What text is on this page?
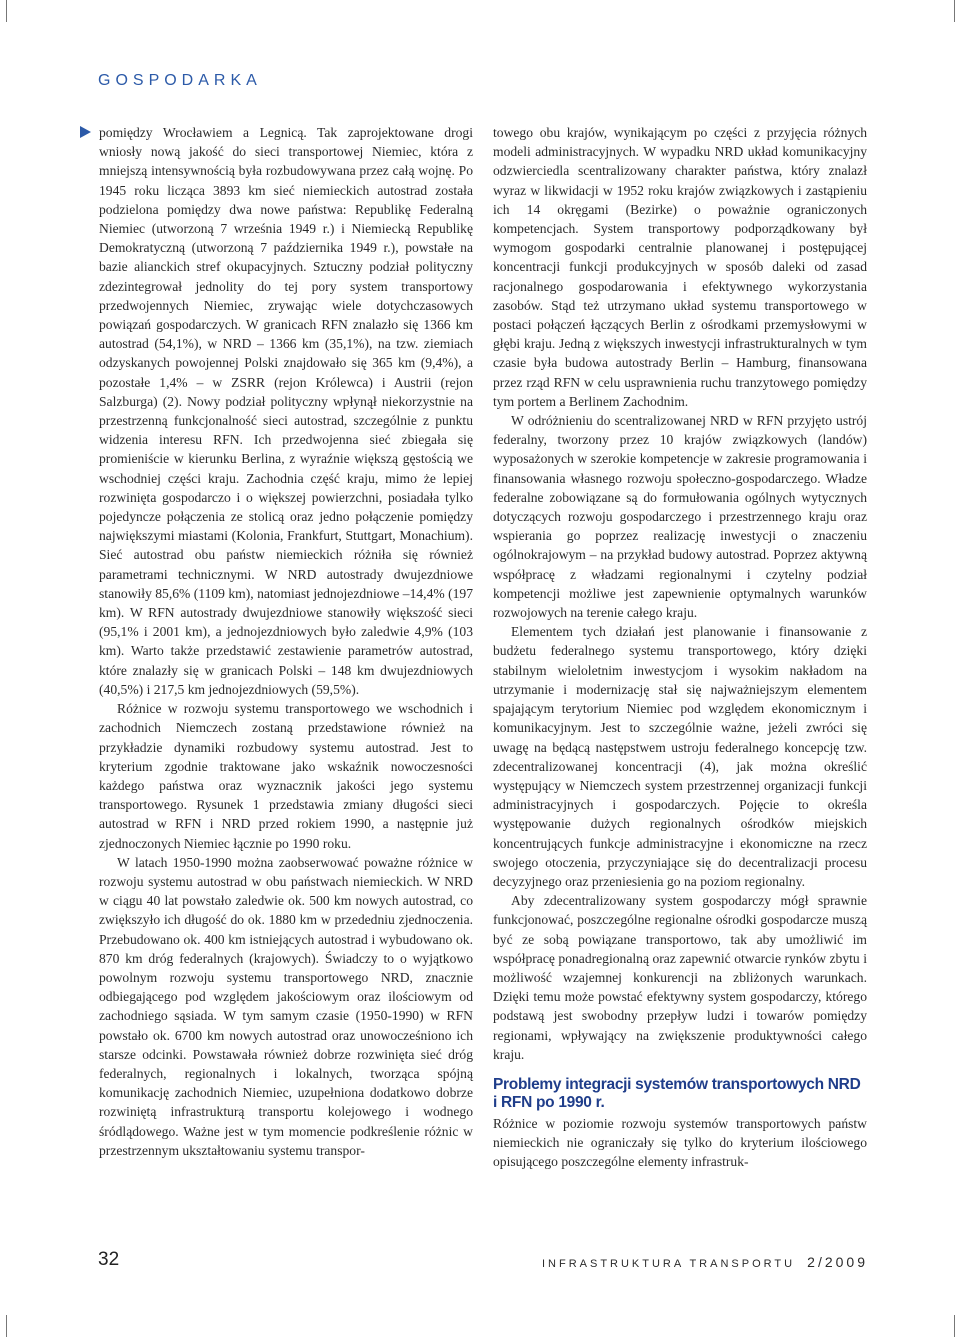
GOSPODARKA

pomiędzy Wrocławiem a Legnicą. Tak zaprojektowane drogi wniosły nową jakość do sieci transportowej Niemiec, która z mniejszą intensywnością była rozbudowywana przez całą wojnę. Po 1945 roku licząca 3893 km sieć niemieckich autostrad została podzielona pomiędzy dwa nowe państwa: Republikę Federalną Niemiec (utworzoną 7 września 1949 r.) i Niemiecką Republikę Demokratyczną (utworzoną 7 października 1949 r.), powstałe na bazie alianckich stref okupacyjnych. Sztuczny podział polityczny zdezintegrował jednolity do tej pory system transportowy przedwojennych Niemiec, zrywając wiele dotychczasowych powiązań gospodarczych. W granicach RFN znalazło się 1366 km autostrad (54,1%), w NRD – 1366 km (35,1%), na tzw. ziemiach odzyskanych powojennej Polski znajdowało się 365 km (9,4%), a pozostałe 1,4% – w ZSRR (rejon Królewca) i Austrii (rejon Salzburga) (2). Nowy podział polityczny wpłynął niekorzystnie na przestrzenną funkcjonalność sieci autostrad, szczególnie z punktu widzenia interesu RFN. Ich przedwojenna sieć zbiegała się promieniście w kierunku Berlina, z wyraźnie większą gęstością we wschodniej części kraju. Zachodnia część kraju, mimo że lepiej rozwinięta gospodarczo i o większej powierzchni, posiadała tylko pojedyncze połączenia ze stolicą oraz jedno połączenie pomiędzy największymi miastami (Kolonia, Frankfurt, Stuttgart, Monachium). Sieć autostrad obu państw niemieckich różniła się również parametrami technicznymi. W NRD autostrady dwujezdniowe stanowiły 85,6% (1109 km), natomiast jednojezdniowe –14,4% (197 km). W RFN autostrady dwujezdniowe stanowiły większość sieci (95,1% i 2001 km), a jednojezdniowych było zaledwie 4,9% (103 km). Warto także przedstawić zestawienie parametrów autostrad, które znalazły się w granicach Polski – 148 km dwujezdniowych (40,5%) i 217,5 km jednojezdniowych (59,5%).

Różnice w rozwoju systemu transportowego we wschodnich i zachodnich Niemczech zostaną przedstawione również na przykładzie dynamiki rozbudowy systemu autostrad. Jest to kryterium zgodnie traktowane jako wskaźnik nowoczesności każdego państwa oraz wyznacznik jakości jego systemu transportowego. Rysunek 1 przedstawia zmiany długości sieci autostrad w RFN i NRD przed rokiem 1990, a następnie już zjednoczonych Niemiec łącznie po 1990 roku.

W latach 1950-1990 można zaobserwować poważne różnice w rozwoju systemu autostrad w obu państwach niemieckich. W NRD w ciągu 40 lat powstało zaledwie ok. 500 km nowych autostrad, co zwiększyło ich długość do ok. 1880 km w przededniu zjednoczenia. Przebudowano ok. 400 km istniejących autostrad i wybudowano ok. 870 km dróg federalnych (krajowych). Świadczy to o wyjątkowo powolnym rozwoju systemu transportowego NRD, znacznie odbiegającego pod względem jakościowym oraz ilościowym od zachodniego sąsiada. W tym samym czasie (1950-1990) w RFN powstało ok. 6700 km nowych autostrad oraz unowocześniono ich starsze odcinki. Powstawała również dobrze rozwinięta sieć dróg federalnych, regionalnych i lokalnych, tworząca spójną komunikację zachodnich Niemiec, uzupełniona dodatkowo dobrze rozwiniętą infrastrukturą transportu kolejowego i wodnego śródlądowego. Ważne jest w tym momencie podkreślenie różnic w przestrzennym ukształtowaniu systemu transpor-

towego obu krajów, wynikającym po części z przyjęcia różnych modeli administracyjnych. W wypadku NRD układ komunikacyjny odzwierciedla scentralizowany charakter państwa, który znalazł wyraz w likwidacji w 1952 roku krajów związkowych i zastąpieniu ich 14 okręgami (Bezirke) o poważnie ograniczonych kompetencjach. System transportowy podporządkowany był wymogom gospodarki centralnie planowanej i postępującej koncentracji funkcji produkcyjnych w sposób daleki od zasad racjonalnego gospodarowania i efektywnego wykorzystania zasobów. Stąd też utrzymano układ systemu transportowego w postaci połączeń łączących Berlin z ośrodkami przemysłowymi w głębi kraju. Jedną z większych inwestycji infrastrukturalnych w tym czasie była budowa autostrady Berlin – Hamburg, finansowana przez rząd RFN w celu usprawnienia ruchu tranzytowego pomiędzy tym portem a Berlinem Zachodnim.

W odróżnieniu do scentralizowanej NRD w RFN przyjęto ustrój federalny, tworzony przez 10 krajów związkowych (landów) wyposażonych w szerokie kompetencje w zakresie programowania i finansowania własnego rozwoju społeczno-gospodarczego. Władze federalne zobowiązane są do formułowania ogólnych wytycznych dotyczących rozwoju gospodarczego i przestrzennego kraju oraz wspierania go poprzez realizację inwestycji o znaczeniu ogólnokrajowym – na przykład budowy autostrad. Poprzez aktywną współpracę z władzami regionalnymi i czytelny podział kompetencji możliwe jest zapewnienie optymalnych warunków rozwojowych na terenie całego kraju.

Elementem tych działań jest planowanie i finansowanie z budżetu federalnego systemu transportowego, który dzięki stabilnym wieloletnim inwestycjom i wysokim nakładom na utrzymanie i modernizację stał się najważniejszym elementem spajającym terytorium Niemiec pod względem ekonomicznym i komunikacyjnym. Jest to szczególnie ważne, jeżeli zwróci się uwagę na będącą następstwem ustroju federalnego koncepcję tzw. zdecentralizowanej koncentracji (4), jak można określić występujący w Niemczech system przestrzennej organizacji funkcji administracyjnych i gospodarczych. Pojęcie to określa występowanie dużych regionalnych ośrodków miejskich koncentrujących funkcje administracyjne i ekonomiczne na rzecz swojego otoczenia, przyczyniające się do decentralizacji procesu decyzyjnego oraz przeniesienia go na poziom regionalny.

Aby zdecentralizowany system gospodarczy mógł sprawnie funkcjonować, poszczególne regionalne ośrodki gospodarcze muszą być ze sobą powiązane transportowo, tak aby umożliwić im współpracę ponadregionalną oraz zapewnić otwarcie rynków zbytu i możliwość wzajemnej konkurencji na zbliżonych warunkach. Dzięki temu może powstać efektywny system gospodarczy, którego podstawą jest swobodny przepływ ludzi i towarów pomiędzy regionami, wpływający na zwiększenie produktywności całego kraju.

Problemy integracji systemów transportowych NRD i RFN po 1990 r.

Różnice w poziomie rozwoju systemów transportowych państw niemieckich nie ograniczały się tylko do kryterium ilościowego opisującego poszczególne elementy infrastruk-

32	INFRASTRUKTURA TRANSPORTU 2/2009
